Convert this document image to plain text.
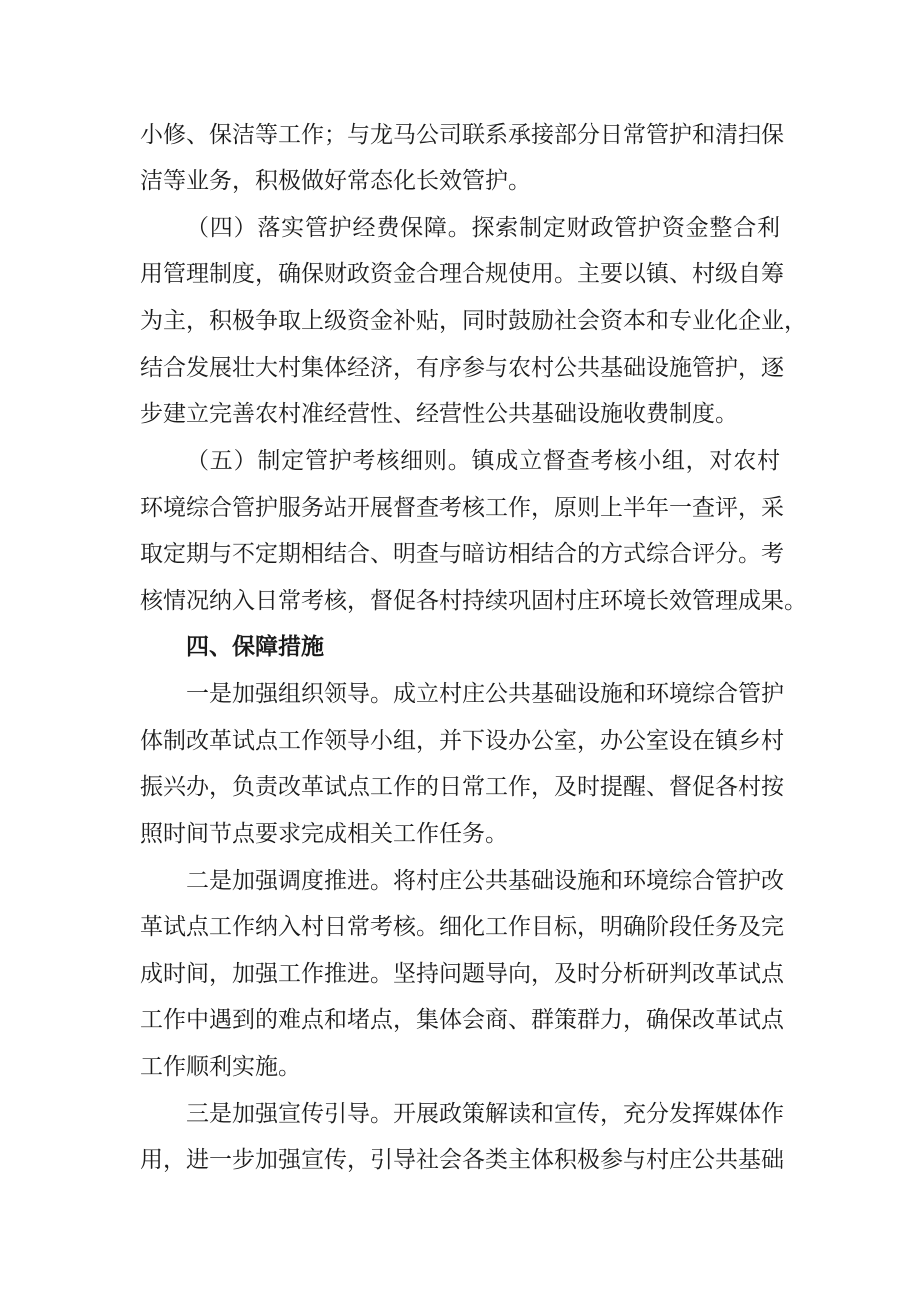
小修、保洁等工作；与龙马公司联系承接部分日常管护和清扫保

洁等业务，积极做好常态化长效管护。

（四）落实管护经费保障。探索制定财政管护资金整合利

用管理制度，确保财政资金合理合规使用。主要以镇、村级自筹

为主，积极争取上级资金补贴，同时鼓励社会资本和专业化企业，

结合发展壮大村集体经济，有序参与农村公共基础设施管护，逐

步建立完善农村准经营性、经营性公共基础设施收费制度。

（五）制定管护考核细则。镇成立督查考核小组，对农村

环境综合管护服务站开展督查考核工作，原则上半年一查评，采

取定期与不定期相结合、明查与暗访相结合的方式综合评分。考

核情况纳入日常考核，督促各村持续巩固村庄环境长效管理成果。

四、保障措施

一是加强组织领导。成立村庄公共基础设施和环境综合管护

体制改革试点工作领导小组，并下设办公室，办公室设在镇乡村

振兴办，负责改革试点工作的日常工作，及时提醒、督促各村按

照时间节点要求完成相关工作任务。

二是加强调度推进。将村庄公共基础设施和环境综合管护改

革试点工作纳入村日常考核。细化工作目标，明确阶段任务及完

成时间，加强工作推进。坚持问题导向，及时分析研判改革试点

工作中遇到的难点和堵点，集体会商、群策群力，确保改革试点

工作顺利实施。

三是加强宣传引导。开展政策解读和宣传，充分发挥媒体作

用，进一步加强宣传，引导社会各类主体积极参与村庄公共基础
